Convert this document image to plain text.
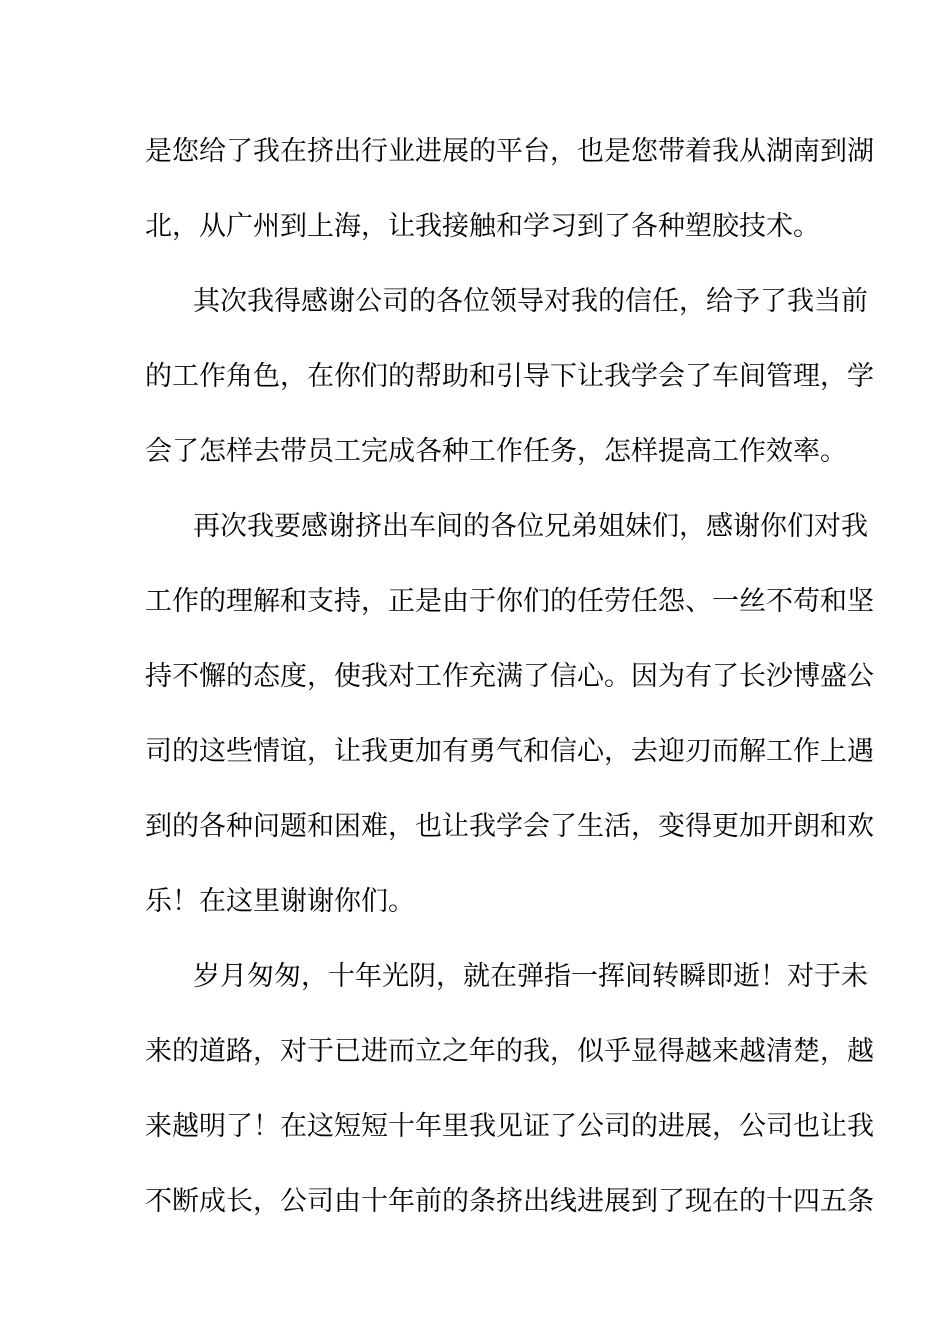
是您给了我在挤出行业进展的平台，也是您带着我从湖南到湖
北，从广州到上海，让我接触和学习到了各种塑胶技术。
其次我得感谢公司的各位领导对我的信任，给予了我当前
的工作角色，在你们的帮助和引导下让我学会了车间管理，学
会了怎样去带员工完成各种工作任务，怎样提高工作效率。
再次我要感谢挤出车间的各位兄弟姐妹们，感谢你们对我
工作的理解和支持，正是由于你们的任劳任怨、一丝不苟和坚
持不懈的态度，使我对工作充满了信心。因为有了长沙博盛公
司的这些情谊，让我更加有勇气和信心，去迎刃而解工作上遇
到的各种问题和困难，也让我学会了生活，变得更加开朗和欢
乐！在这里谢谢你们。
岁月匆匆，十年光阴，就在弹指一挥间转瞬即逝！对于未
来的道路，对于已进而立之年的我，似乎显得越来越清楚，越
来越明了！在这短短十年里我见证了公司的进展，公司也让我
不断成长，公司由十年前的条挤出线进展到了现在的十四五条
